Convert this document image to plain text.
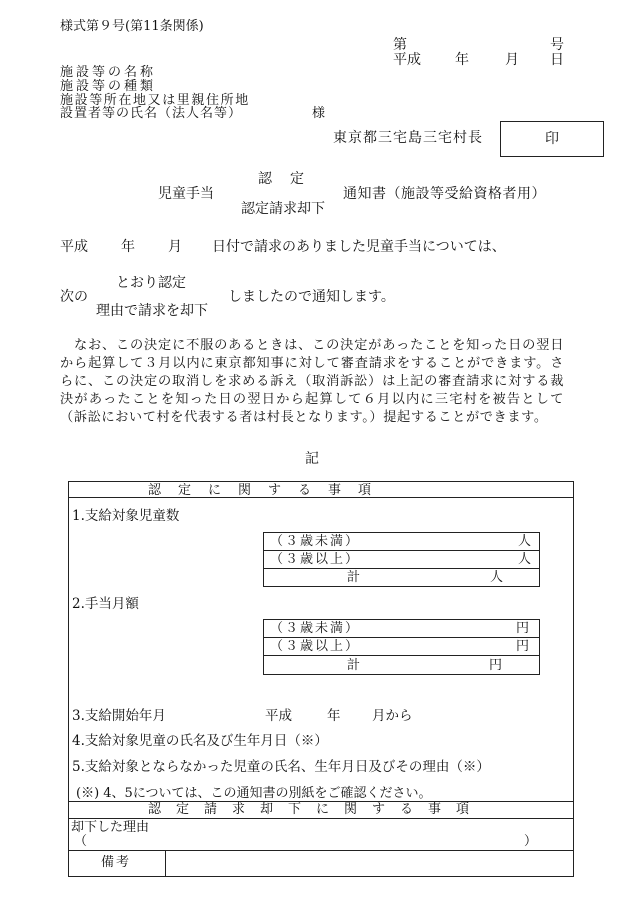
様式第９号(第11条関係)
第	号
平成 年	月 日
施設等の名称
施設等の種類
施設等所在地又は里親住所地
設置者等の氏名（法人名等）	様
東京都三宅島三宅村長	印
認　定
児童手当	通知書（施設等受給資格者用）
認定請求却下
平成 年 月 日付で請求のありました児童手当については、
とおり認定
次の	しましたので通知します。
理由で請求を却下
なお、この決定に不服のあるときは、この決定があったことを知った日の翌日から起算して３月以内に東京都知事に対して審査請求をすることができます。さらに、この決定の取消しを求める訴え（取消訴訟）は上記の審査請求に対する裁決があったことを知った日の翌日から起算して６月以内に三宅村を被告として（訴訟において村を代表する者は村長となります。）提起することができます。
記
認　定　に　関　す　る　事　項
1.支給対象児童数
（３歳未満）	人
（３歳以上）	人
計	人
2.手当月額
（３歳未満）	円
（３歳以上）	円
計	円
3.支給開始年月	平成	年 月から
4.支給対象児童の氏名及び生年月日（※）
5.支給対象とならなかった児童の氏名、生年月日及びその理由（※）
(※) 4、5については、この通知書の別紙をご確認ください。
認　定　請　求　却　下　に　関　す　る　事　項
却下した理由
（	）
備考
